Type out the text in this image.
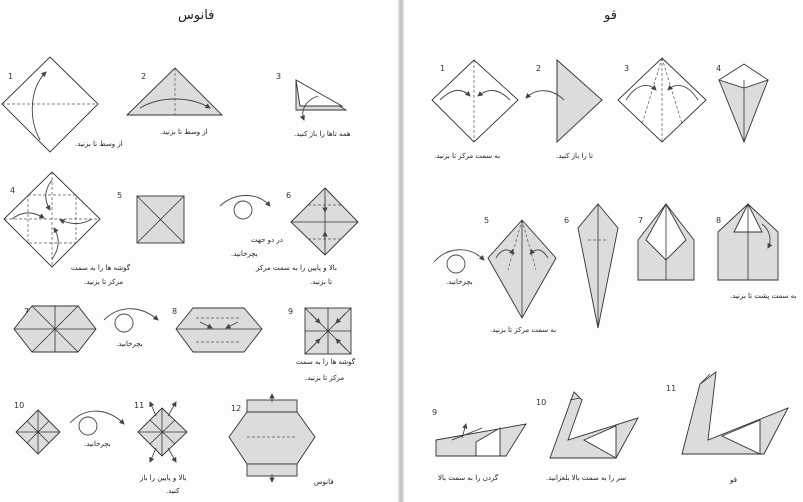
فانوس
1	2	3
4
5	6
7	8	9
10	11	12
از وسط تا بزنید.
از وسط تا بزنید.	همه تاها را باز کنید.
گوشه ها را به سمت
مرکز تا بزنید.
در دو جهت
بچرخانید.
بالا و پایین را به سمت مرکز
تا بزنید.
بچرخانید.
گوشه ها را به سمت
مرکز تا بزنید.
بچرخانید.
بالا و پایین را باز
کنید.
فانوس
قو
1	2	3	4
5	6	7	8
9
10
11
به سمت مرکز تا بزنید.	تا را باز کنید.
بچرخانید.
به سمت مرکز تا بزنید.
به سمت پشت تا بزنید.
گردن را به سمت بالا	سر را به سمت بالا بلغزانید.	قو
